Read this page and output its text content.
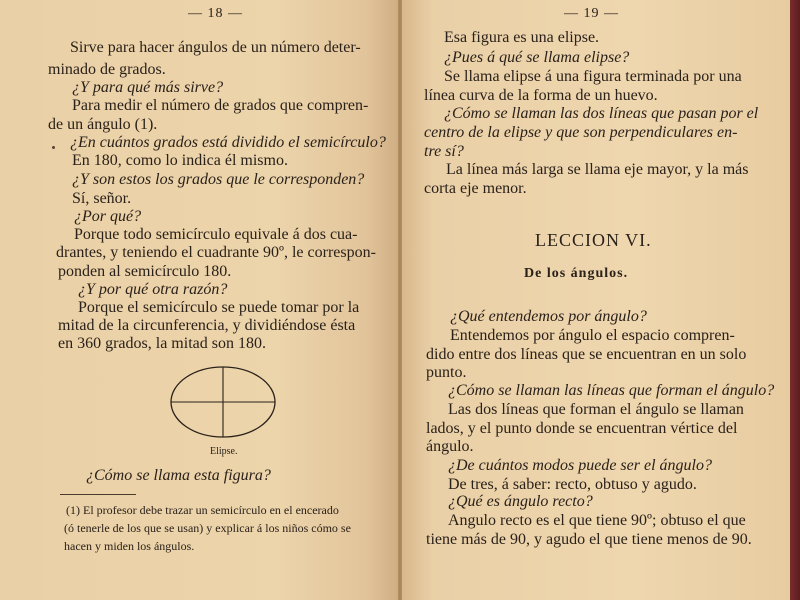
— 18 —
Sirve para hacer ángulos de un número deter-
minado de grados.
¿Y para qué más sirve?
Para medir el número de grados que compren-
de un ángulo (1).
¿En cuántos grados está dividido el semicírculo?
En 180, como lo indica él mismo.
¿Y son estos los grados que le corresponden?
Sí, señor.
¿Por qué?
Porque todo semicírculo equivale á dos cua-
drantes, y teniendo el cuadrante 90º, le correspon-
ponden al semicírculo 180.
¿Y por qué otra razón?
Porque el semicírculo se puede tomar por la
mitad de la circunferencia, y dividiéndose ésta
en 360 grados, la mitad son 180.
Elipse.
¿Cómo se llama esta figura?
(1) El profesor debe trazar un semicírculo en el encerado
(ó tenerle de los que se usan) y explicar á los niños cómo se
hacen y miden los ángulos.
— 19 —
Esa figura es una elipse.
¿Pues á qué se llama elipse?
Se llama elipse á una figura terminada por una
línea curva de la forma de un huevo.
¿Cómo se llaman las dos líneas que pasan por el
centro de la elipse y que son perpendiculares en-
tre sí?
La línea más larga se llama eje mayor, y la más
corta eje menor.
LECCION VI.
De los ángulos.
¿Qué entendemos por ángulo?
Entendemos por ángulo el espacio compren-
dido entre dos líneas que se encuentran en un solo
punto.
¿Cómo se llaman las líneas que forman el ángulo?
Las dos líneas que forman el ángulo se llaman
lados, y el punto donde se encuentran vértice del
ángulo.
¿De cuántos modos puede ser el ángulo?
De tres, á saber: recto, obtuso y agudo.
¿Qué es ángulo recto?
Angulo recto es el que tiene 90º; obtuso el que
tiene más de 90, y agudo el que tiene menos de 90.
